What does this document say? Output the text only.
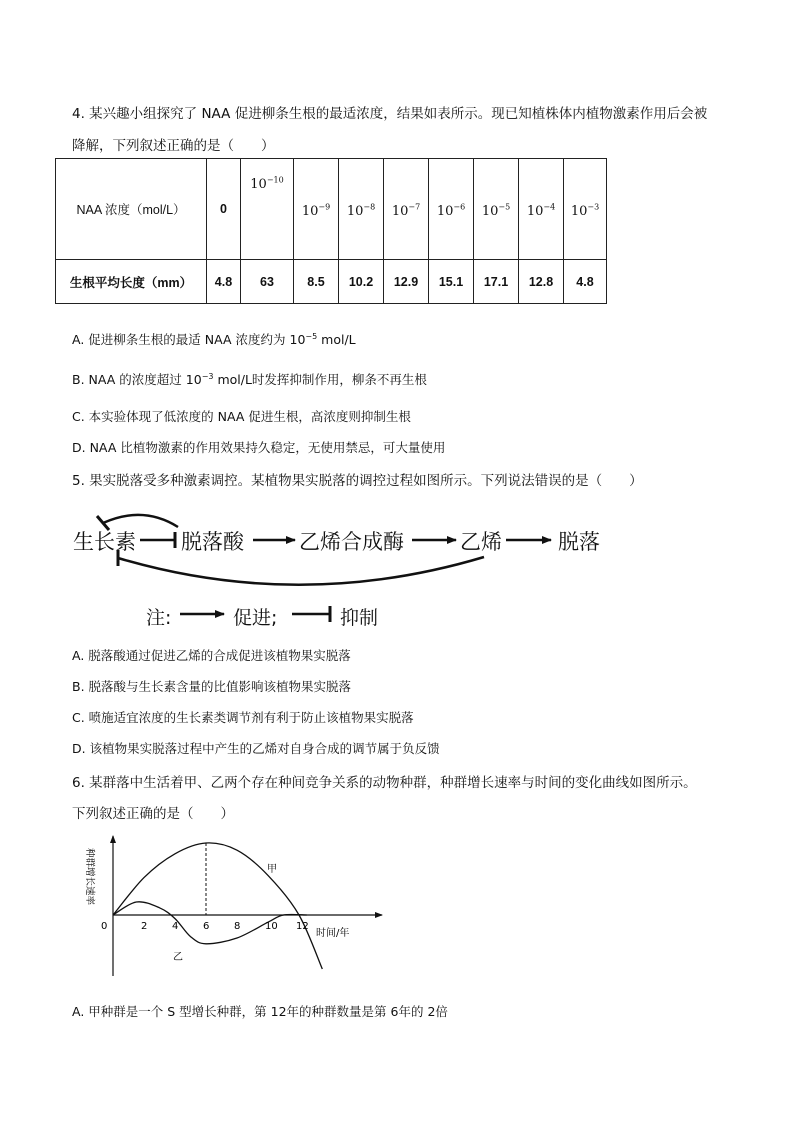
4. 某兴趣小组探究了 NAA 促进柳条生根的最适浓度，结果如表所示。现已知植株体内植物激素作用后会被
降解，下列叙述正确的是（　　）
NAA 浓度（mol/L）	0	$10^{-10}$	$10^{-9}$	$10^{-8}$	$10^{-7}$	$10^{-6}$	$10^{-5}$	$10^{-4}$	$10^{-3}$
生根平均长度（mm）	4.8	63	8.5	10.2	12.9	15.1	17.1	12.8	4.8
A. 促进柳条生根的最适 NAA 浓度约为 $10^{-5}$ mol/L
B. NAA 的浓度超过 $10^{-3}$ mol/L时发挥抑制作用，柳条不再生根
C. 本实验体现了低浓度的 NAA 促进生根，高浓度则抑制生根
D. NAA 比植物激素的作用效果持久稳定，无使用禁忌，可大量使用
5. 果实脱落受多种激素调控。某植物果实脱落的调控过程如图所示。下列说法错误的是（　　）
生长素 脱落酸	乙烯合成酶	乙烯	脱落
注:	促进;	抑制
A. 脱落酸通过促进乙烯的合成促进该植物果实脱落
B. 脱落酸与生长素含量的比值影响该植物果实脱落
C. 喷施适宜浓度的生长素类调节剂有利于防止该植物果实脱落
D. 该植物果实脱落过程中产生的乙烯对自身合成的调节属于负反馈
6. 某群落中生活着甲、乙两个存在种间竞争关系的动物种群，种群增长速率与时间的变化曲线如图所示。
下列叙述正确的是（　　）
0	2 4 6 8 10 12
甲
乙
时间/年
种群增长速率
A. 甲种群是一个 S 型增长种群，第 12年的种群数量是第 6年的 2倍
